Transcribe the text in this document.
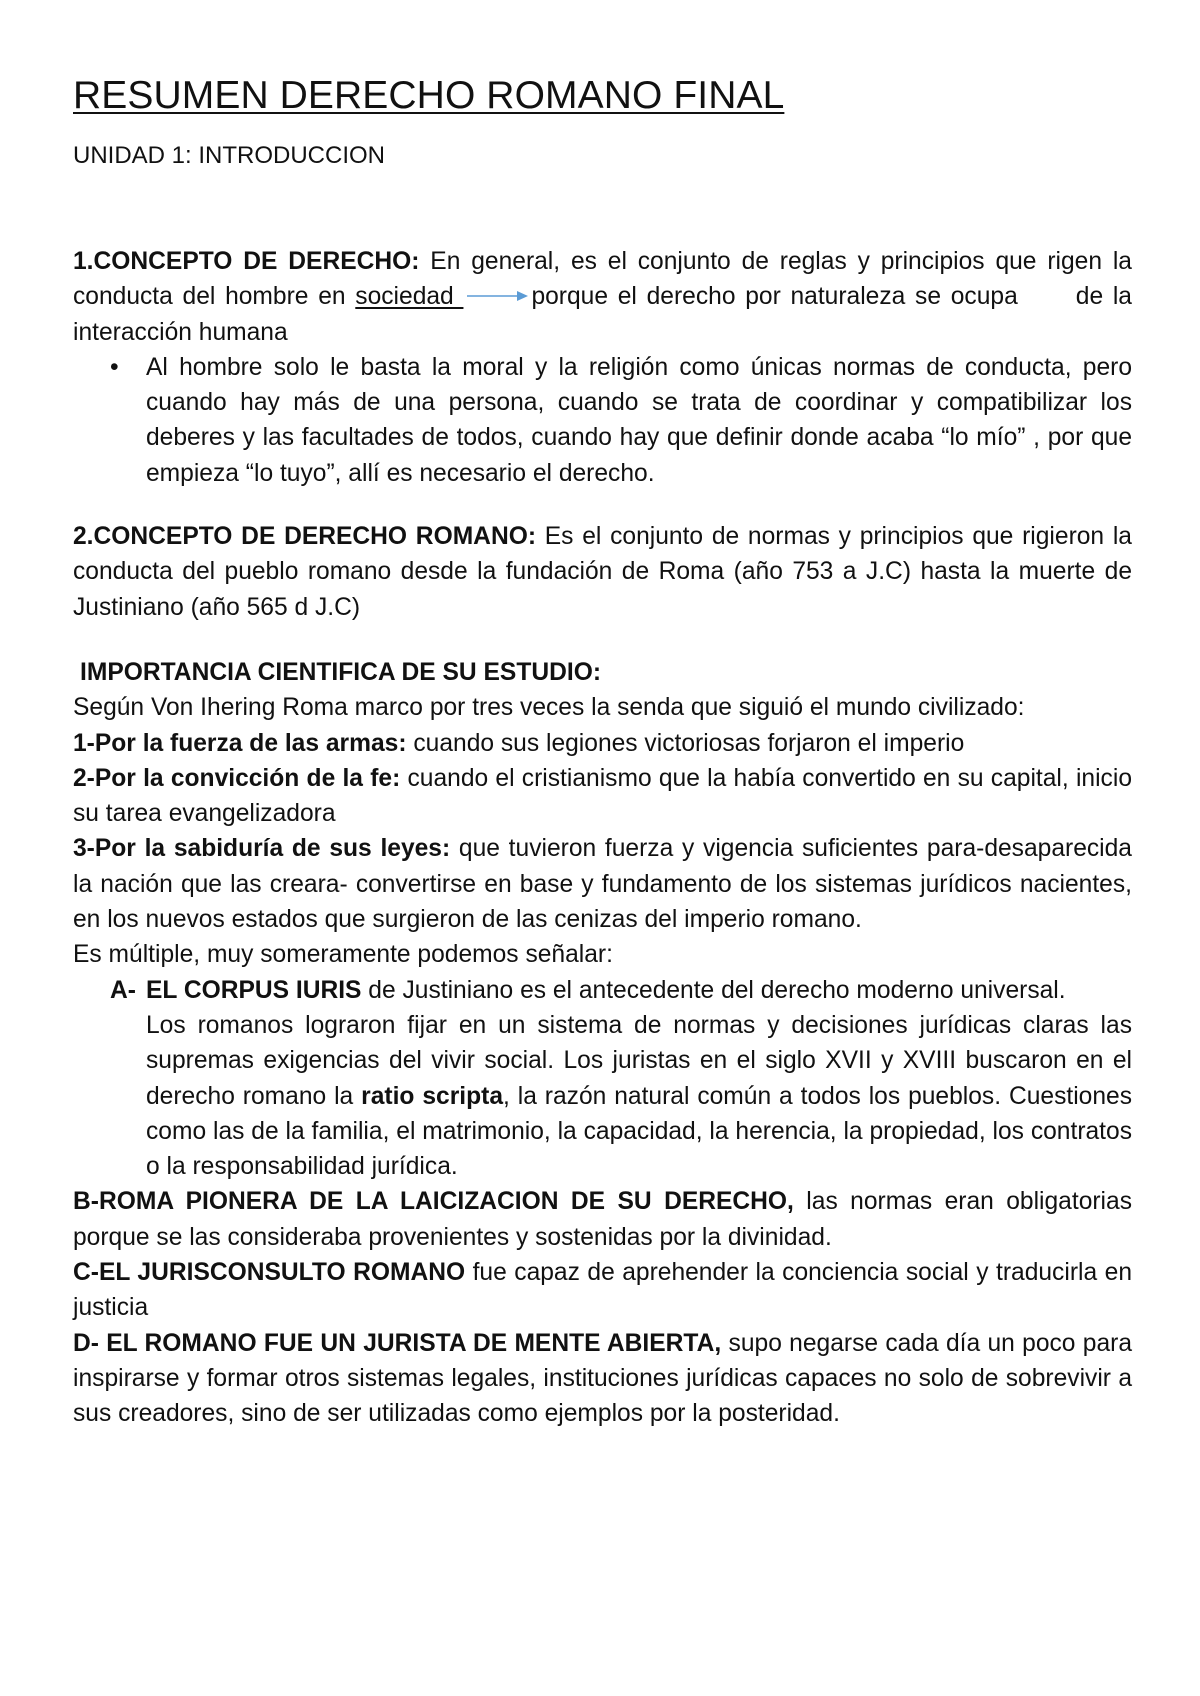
RESUMEN DERECHO ROMANO FINAL
UNIDAD 1: INTRODUCCION

1.CONCEPTO DE DERECHO: En general, es el conjunto de reglas y principios que rigen la conducta del hombre en sociedad	porque el derecho por naturaleza se ocupa de la interacción humana

• Al hombre solo le basta la moral y la religión como únicas normas de conducta, pero cuando hay más de una persona, cuando se trata de coordinar y compatibilizar los deberes y las facultades de todos, cuando hay que definir donde acaba “lo mío” , por que empieza “lo tuyo”, allí es necesario el derecho.

2.CONCEPTO DE DERECHO ROMANO: Es el conjunto de normas y principios que rigieron la conducta del pueblo romano desde la fundación de Roma (año 753 a J.C) hasta la muerte de Justiniano (año 565 d J.C)

IMPORTANCIA CIENTIFICA DE SU ESTUDIO:

Según Von Ihering Roma marco por tres veces la senda que siguió el mundo civilizado:

1-Por la fuerza de las armas: cuando sus legiones victoriosas forjaron el imperio

2-Por la convicción de la fe: cuando el cristianismo que la había convertido en su capital, inicio su tarea evangelizadora

3-Por la sabiduría de sus leyes: que tuvieron fuerza y vigencia suficientes para-desaparecida la nación que las creara- convertirse en base y fundamento de los sistemas jurídicos nacientes, en los nuevos estados que surgieron de las cenizas del imperio romano.

Es múltiple, muy someramente podemos señalar:

A- EL CORPUS IURIS de Justiniano es el antecedente del derecho moderno universal.
Los romanos lograron fijar en un sistema de normas y decisiones jurídicas claras las supremas exigencias del vivir social. Los juristas en el siglo XVII y XVIII buscaron en el derecho romano la ratio scripta, la razón natural común a todos los pueblos. Cuestiones como las de la familia, el matrimonio, la capacidad, la herencia, la propiedad, los contratos o la responsabilidad jurídica.

B-ROMA PIONERA DE LA LAICIZACION DE SU DERECHO, las normas eran obligatorias porque se las consideraba provenientes y sostenidas por la divinidad.

C-EL JURISCONSULTO ROMANO fue capaz de aprehender la conciencia social y traducirla en justicia

D- EL ROMANO FUE UN JURISTA DE MENTE ABIERTA, supo negarse cada día un poco para inspirarse y formar otros sistemas legales, instituciones jurídicas capaces no solo de sobrevivir a sus creadores, sino de ser utilizadas como ejemplos por la posteridad.
